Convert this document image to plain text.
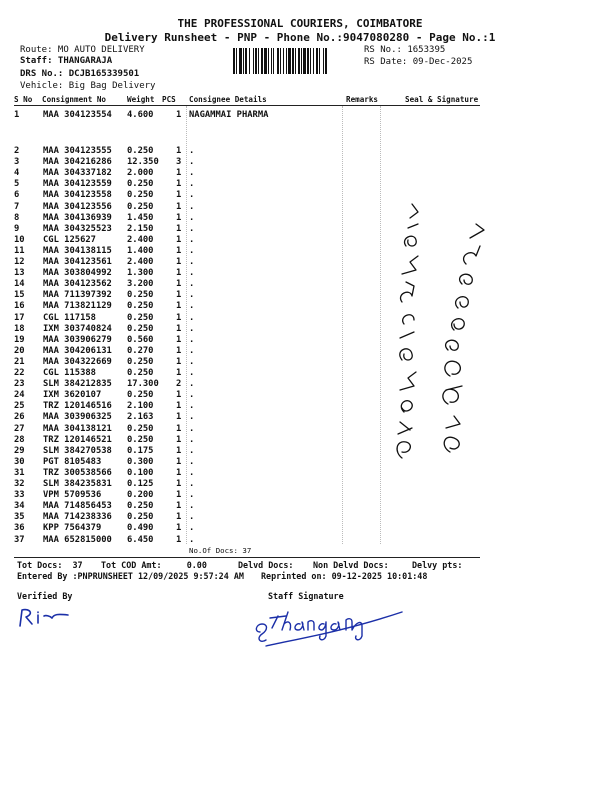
THE PROFESSIONAL COURIERS, COIMBATORE
Delivery Runsheet - PNP - Phone No.:9047080280 - Page No.:1
Route: MO AUTO DELIVERY
Staff: THANGARAJA
DRS No.: DCJB165339501
Vehicle: Big Bag Delivery
RS No.: 1653395
RS Date: 09-Dec-2025
S No Consignment No	Weight PCS Consignee Details	Remarks	Seal & Signature
1	MAA 304123554 4.600	1 NAGAMMAI PHARMA
2	MAA 304123555 0.250	1 .
3	MAA 304216286 12.350 3 .
4	MAA 304337182 2.000	1 .
5	MAA 304123559 0.250	1 .
6	MAA 304123558 0.250	1 .
7	MAA 304123556 0.250	1 .
8	MAA 304136939 1.450	1 .
9	MAA 304325523 2.150	1 .
10 CGL 125627	2.400	1 .
11 MAA 304138115 1.400	1 .
12 MAA 304123561 2.400	1 .
13 MAA 303804992 1.300	1 .
14 MAA 304123562 3.200	1 .
15 MAA 711397392 0.250	1 .
16 MAA 713821129 0.250	1 .
17 CGL 117158	0.250	1 .
18 IXM 303740824 0.250	1 .
19 MAA 303906279 0.560	1 .
20 MAA 304206131 0.270	1 .
21 MAA 304322669 0.250	1 .
22 CGL 115388	0.250	1 .
23 SLM 384212835 17.300 2 .
24 IXM 3620107	0.250	1 .
25 TRZ 120146516 2.100	1 .
26 MAA 303906325 2.163	1 .
27 MAA 304138121 0.250	1 .
28 TRZ 120146521 0.250	1 .
29 SLM 384270538 0.175	1 .
30 PGT 8105483	0.300	1 .
31 TRZ 300538566 0.100	1 .
32 SLM 384235831 0.125	1 .
33 VPM 5709536	0.200	1 .
34 MAA 714856453 0.250	1 .
35 MAA 714238336 0.250	1 .
36 KPP 7564379	0.490	1 .
37 MAA 652815000 6.450	1 .
No.Of Docs: 37
Tot Docs:  37 Tot COD Amt:     0.00	Delvd Docs: Non Delvd Docs:	Delvy pts:
Entered By :PNPRUNSHEET 12/09/2025 9:57:24 AM Reprinted on: 09-12-2025 10:01:48
Verified By	Staff Signature
